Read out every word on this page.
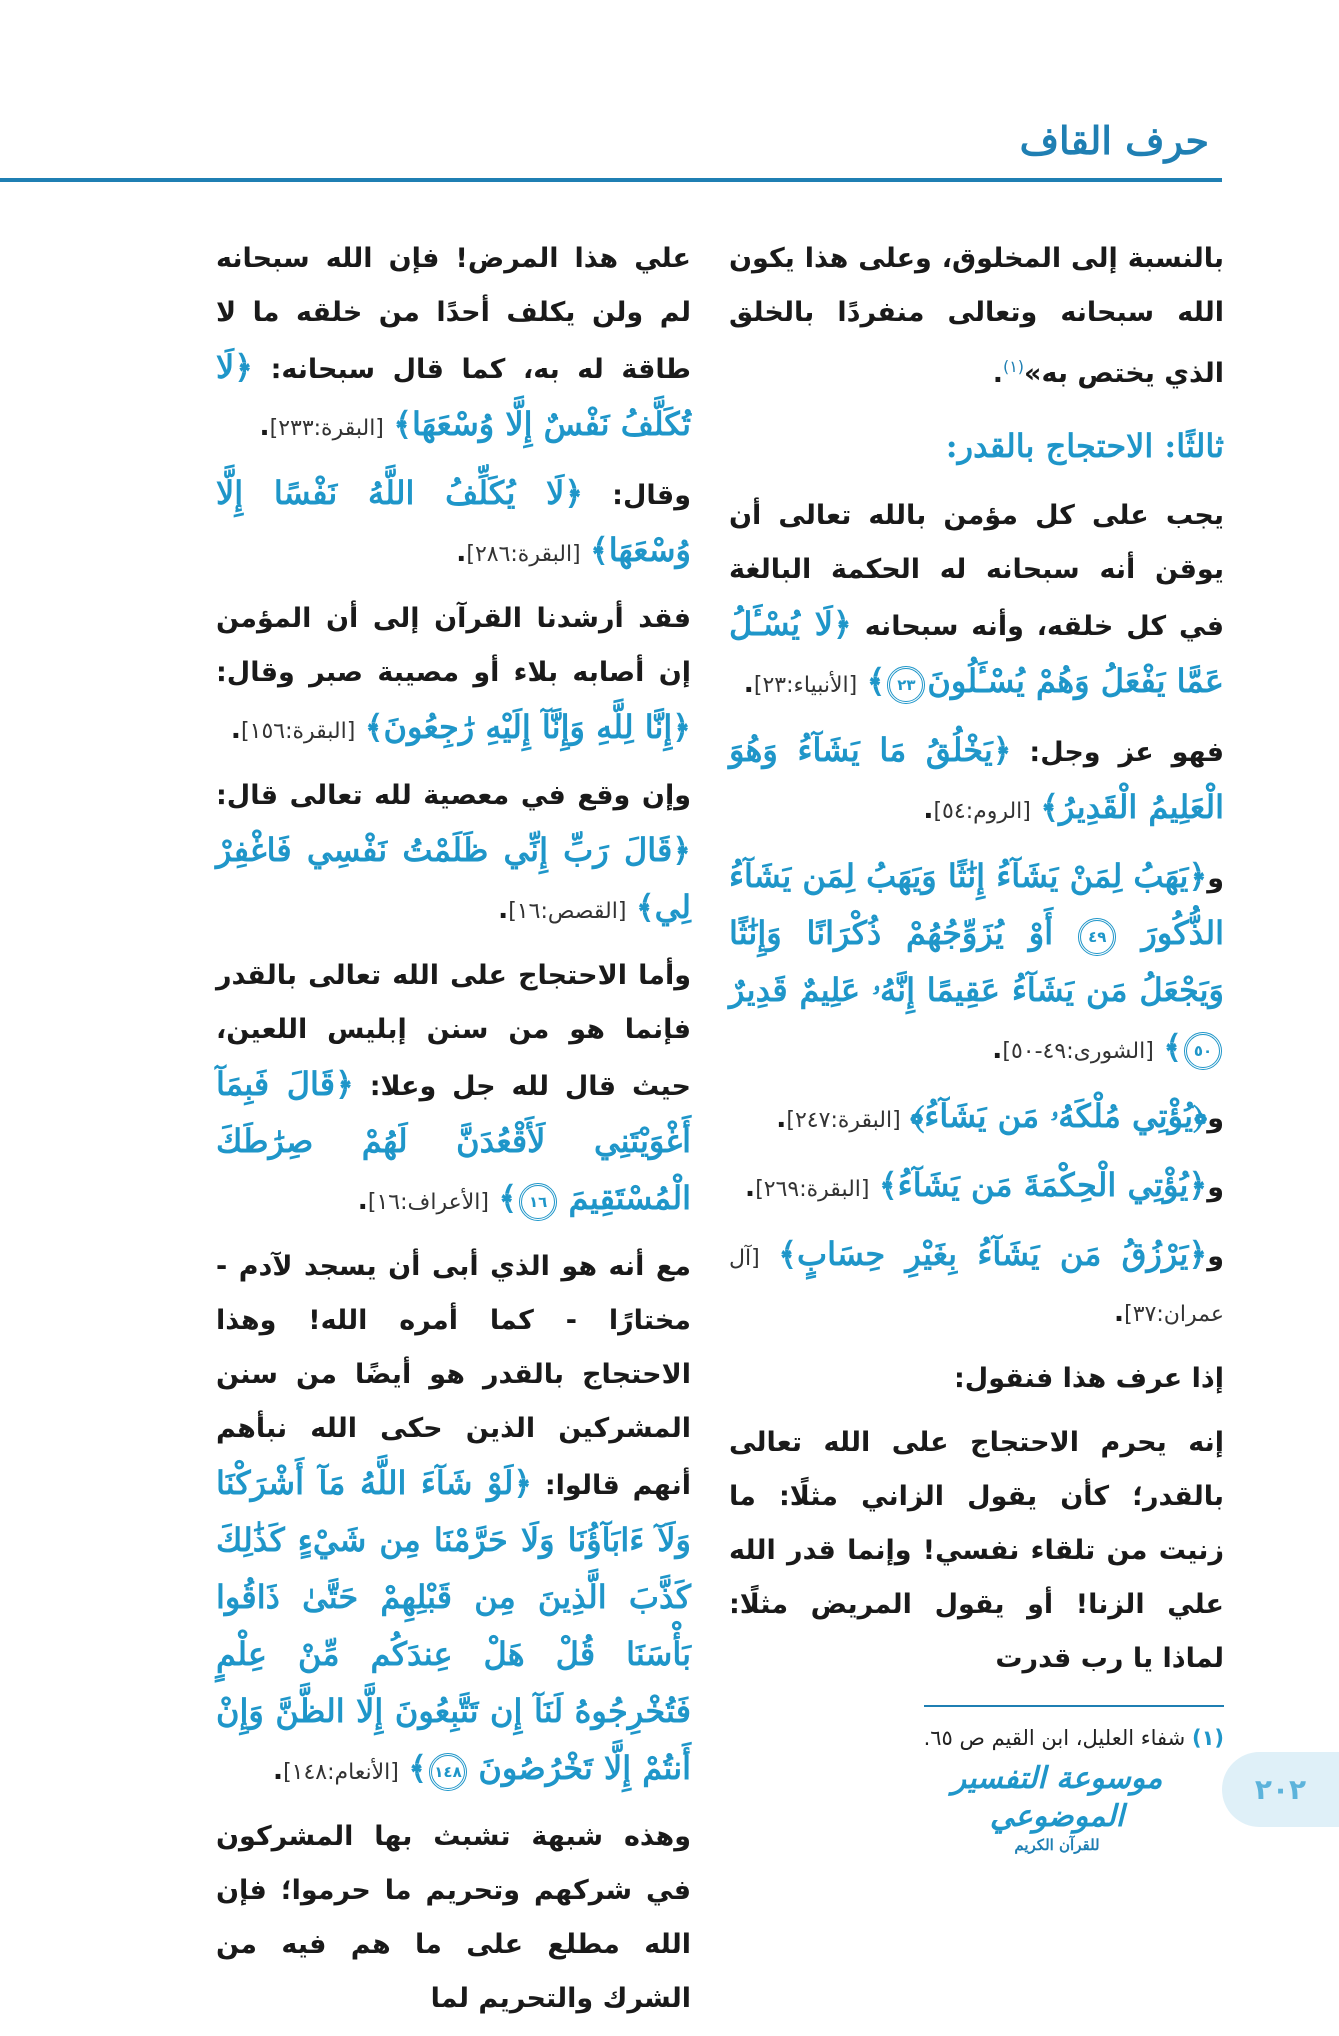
حرف القاف

بالنسبة إلى المخلوق، وعلى هذا يكون الله سبحانه وتعالى منفردًا بالخلق الذي يختص به»$^{(١)}$.

ثالثًا: الاحتجاج بالقدر:

يجب على كل مؤمن بالله تعالى أن يوقن أنه سبحانه له الحكمة البالغة في كل خلقه، وأنه سبحانه ﴿لَا يُسْـَٔلُ عَمَّا يَفْعَلُ وَهُمْ يُسْـَٔلُونَ٢٣﴾ [الأنبياء:٢٣].

فهو عز وجل: ﴿يَخْلُقُ مَا يَشَآءُ وَهُوَ الْعَلِيمُ الْقَدِيرُ﴾ [الروم:٥٤].

و﴿يَهَبُ لِمَنْ يَشَآءُ إِنَٰثًا وَيَهَبُ لِمَن يَشَآءُ الذُّكُورَ ٤٩ أَوْ يُزَوِّجُهُمْ ذُكْرَانًا وَإِنَٰثًا وَيَجْعَلُ مَن يَشَآءُ عَقِيمًا إِنَّهُۥ عَلِيمٌ قَدِيرٌ ٥٠﴾ [الشورى:٤٩-٥٠].

و﴿يُؤْتِي مُلْكَهُۥ مَن يَشَآءُ﴾ [البقرة:٢٤٧].

و﴿يُؤْتِي الْحِكْمَةَ مَن يَشَآءُ﴾ [البقرة:٢٦٩].

و﴿يَرْزُقُ مَن يَشَآءُ بِغَيْرِ حِسَابٍ﴾ [آل عمران:٣٧].

إذا عرف هذا فنقول:

إنه يحرم الاحتجاج على الله تعالى بالقدر؛ كأن يقول الزاني مثلًا: ما زنيت من تلقاء نفسي! وإنما قدر الله علي الزنا! أو يقول المريض مثلًا: لماذا يا رب قدرت

علي هذا المرض! فإن الله سبحانه لم ولن يكلف أحدًا من خلقه ما لا طاقة له به، كما قال سبحانه: ﴿لَا تُكَلَّفُ نَفْسٌ إِلَّا وُسْعَهَا﴾ [البقرة:٢٣٣].

وقال: ﴿لَا يُكَلِّفُ اللَّهُ نَفْسًا إِلَّا وُسْعَهَا﴾ [البقرة:٢٨٦].

فقد أرشدنا القرآن إلى أن المؤمن إن أصابه بلاء أو مصيبة صبر وقال: ﴿إِنَّا لِلَّهِ وَإِنَّآ إِلَيْهِ رَٰجِعُونَ﴾ [البقرة:١٥٦].

وإن وقع في معصية لله تعالى قال: ﴿قَالَ رَبِّ إِنِّي ظَلَمْتُ نَفْسِي فَاغْفِرْ لِي﴾ [القصص:١٦].

وأما الاحتجاج على الله تعالى بالقدر فإنما هو من سنن إبليس اللعين، حيث قال لله جل وعلا: ﴿قَالَ فَبِمَآ أَغْوَيْتَنِي لَأَقْعُدَنَّ لَهُمْ صِرَٰطَكَ الْمُسْتَقِيمَ ١٦﴾ [الأعراف:١٦].

مع أنه هو الذي أبى أن يسجد لآدم - مختارًا - كما أمره الله! وهذا الاحتجاج بالقدر هو أيضًا من سنن المشركين الذين حكى الله نبأهم أنهم قالوا: ﴿لَوْ شَآءَ اللَّهُ مَآ أَشْرَكْنَا وَلَآ ءَابَآؤُنَا وَلَا حَرَّمْنَا مِن شَيْءٍ كَذَٰلِكَ كَذَّبَ الَّذِينَ مِن قَبْلِهِمْ حَتَّىٰ ذَاقُوا بَأْسَنَا قُلْ هَلْ عِندَكُم مِّنْ عِلْمٍ فَتُخْرِجُوهُ لَنَآ إِن تَتَّبِعُونَ إِلَّا الظَّنَّ وَإِنْ أَنتُمْ إِلَّا تَخْرُصُونَ ١٤٨﴾ [الأنعام:١٤٨].

وهذه شبهة تشبث بها المشركون في شركهم وتحريم ما حرموا؛ فإن الله مطلع على ما هم فيه من الشرك والتحريم لما

(١) شفاء العليل، ابن القيم ص ٦٥.
موسوعة التفسير الموضوعي
للقرآن الكريم
٢٠٢
